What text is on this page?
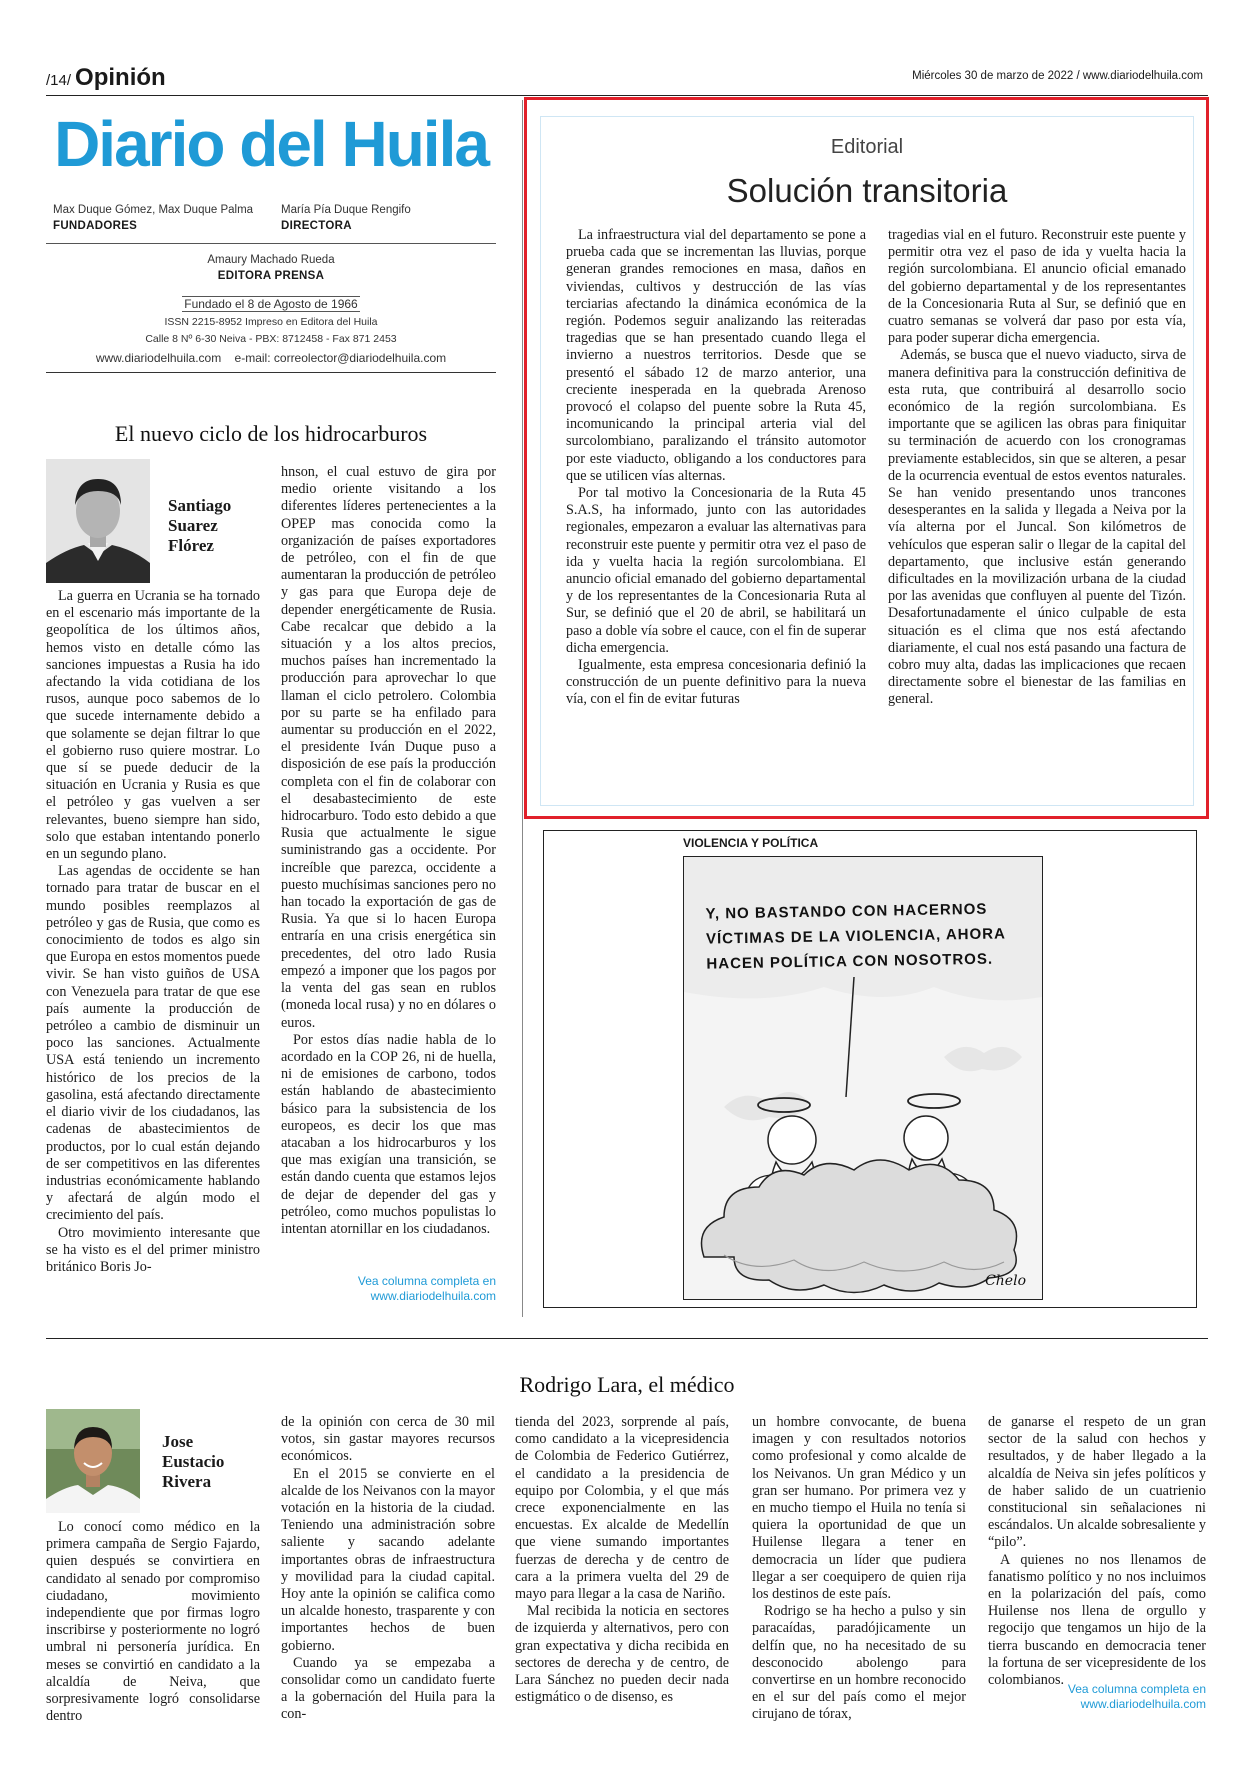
/14/ Opinión	Miércoles 30 de marzo de 2022 / www.diariodelhuila.com
Diario del Huila
Max Duque Gómez, Max Duque Palma
FUNDADORES
María Pía Duque Rengifo
DIRECTORA
Amaury Machado Rueda
EDITORA PRENSA
Fundado el 8 de Agosto de 1966
ISSN 2215-8952 Impreso en Editora del Huila
Calle 8 Nº 6-30 Neiva - PBX: 8712458 - Fax 871 2453
www.diariodelhuila.com    e-mail: correolector@diariodelhuila.com
El nuevo ciclo de los hidrocarburos
Santiago
Suarez
Flórez

La guerra en Ucrania se ha tornado en el escenario más importante de la geopolítica de los últimos años, hemos visto en detalle cómo las sanciones impuestas a Rusia ha ido afectando la vida cotidiana de los rusos, aunque poco sabemos de lo que sucede internamente debido a que solamente se dejan filtrar lo que el gobierno ruso quiere mostrar. Lo que sí se puede deducir de la situación en Ucrania y Rusia es que el petróleo y gas vuelven a ser relevantes, bueno siempre han sido, solo que estaban intentando ponerlo en un segundo plano.

Las agendas de occidente se han tornado para tratar de buscar en el mundo posibles reemplazos al petróleo y gas de Rusia, que como es conocimiento de todos es algo sin que Europa en estos momentos puede vivir. Se han visto guiños de USA con Venezuela para tratar de que ese país aumente la producción de petróleo a cambio de disminuir un poco las sanciones. Actualmente USA está teniendo un incremento histórico de los precios de la gasolina, está afectando directamente el diario vivir de los ciudadanos, las cadenas de abastecimientos de productos, por lo cual están dejando de ser competitivos en las diferentes industrias económicamente hablando y afectará de algún modo el crecimiento del país.

Otro movimiento interesante que se ha visto es el del primer ministro británico Boris Jo-

hnson, el cual estuvo de gira por medio oriente visitando a los diferentes líderes pertenecientes a la OPEP mas conocida como la organización de países exportadores de petróleo, con el fin de que aumentaran la producción de petróleo y gas para que Europa deje de depender energéticamente de Rusia. Cabe recalcar que debido a la situación y a los altos precios, muchos países han incrementado la producción para aprovechar lo que llaman el ciclo petrolero. Colombia por su parte se ha enfilado para aumentar su producción en el 2022, el presidente Iván Duque puso a disposición de ese país la producción completa con el fin de colaborar con el desabastecimiento de este hidrocarburo. Todo esto debido a que Rusia que actualmente le sigue suministrando gas a occidente. Por increíble que parezca, occidente a puesto muchísimas sanciones pero no han tocado la exportación de gas de Rusia. Ya que si lo hacen Europa entraría en una crisis energética sin precedentes, del otro lado Rusia empezó a imponer que los pagos por la venta del gas sean en rublos (moneda local rusa) y no en dólares o euros.

Por estos días nadie habla de lo acordado en la COP 26, ni de huella, ni de emisiones de carbono, todos están hablando de abastecimiento básico para la subsistencia de los europeos, es decir los que mas atacaban a los hidrocarburos y los que mas exigían una transición, se están dando cuenta que estamos lejos de dejar de depender del gas y petróleo, como muchos populistas lo intentan atornillar en los ciudadanos.

Vea columna completa en
www.diariodelhuila.com
Editorial
Solución transitoria

La infraestructura vial del departamento se pone a prueba cada que se incrementan las lluvias, porque generan grandes remociones en masa, daños en viviendas, cultivos y destrucción de las vías terciarias afectando la dinámica económica de la región. Podemos seguir analizando las reiteradas tragedias que se han presentado cuando llega el invierno a nuestros territorios. Desde que se presentó el sábado 12 de marzo anterior, una creciente inesperada en la quebrada Arenoso provocó el colapso del puente sobre la Ruta 45, incomunicando la principal arteria vial del surcolombiano, paralizando el tránsito automotor por este viaducto, obligando a los conductores para que se utilicen vías alternas.

Por tal motivo la Concesionaria de la Ruta 45 S.A.S, ha informado, junto con las autoridades regionales, empezaron a evaluar las alternativas para reconstruir este puente y permitir otra vez el paso de ida y vuelta hacia la región surcolombiana. El anuncio oficial emanado del gobierno departamental y de los representantes de la Concesionaria Ruta al Sur, se definió que el 20 de abril, se habilitará un paso a doble vía sobre el cauce, con el fin de superar dicha emergencia.

Igualmente, esta empresa concesionaria definió la construcción de un puente definitivo para la nueva vía, con el fin de evitar futuras

tragedias vial en el futuro. Reconstruir este puente y permitir otra vez el paso de ida y vuelta hacia la región surcolombiana. El anuncio oficial emanado del gobierno departamental y de los representantes de la Concesionaria Ruta al Sur, se definió que en cuatro semanas se volverá dar paso por esta vía, para poder superar dicha emergencia.

Además, se busca que el nuevo viaducto, sirva de manera definitiva para la construcción definitiva de esta ruta, que contribuirá al desarrollo socio económico de la región surcolombiana. Es importante que se agilicen las obras para finiquitar su terminación de acuerdo con los cronogramas previamente establecidos, sin que se alteren, a pesar de la ocurrencia eventual de estos eventos naturales. Se han venido presentando unos trancones desesperantes en la salida y llegada a Neiva por la vía alterna por el Juncal. Son kilómetros de vehículos que esperan salir o llegar de la capital del departamento, que inclusive están generando dificultades en la movilización urbana de la ciudad por las avenidas que confluyen al puente del Tizón. Desafortunadamente el único culpable de esta situación es el clima que nos está afectando diariamente, el cual nos está pasando una factura de cobro muy alta, dadas las implicaciones que recaen directamente sobre el bienestar de las familias en general.

VIOLENCIA Y POLÍTICA
Y, NO BASTANDO CON HACERNOS
VÍCTIMAS DE LA VIOLENCIA, AHORA
HACEN POLÍTICA CON NOSOTROS.
Chelo
Rodrigo Lara, el médico
Jose
Eustacio
Rivera

Lo conocí como médico en la primera campaña de Sergio Fajardo, quien después se convirtiera en candidato al senado por compromiso ciudadano, movimiento independiente que por firmas logro inscribirse y posteriormente no logró umbral ni personería jurídica. En meses se convirtió en candidato a la alcaldía de Neiva, que sorpresivamente logró consolidarse dentro

de la opinión con cerca de 30 mil votos, sin gastar mayores recursos económicos.

En el 2015 se convierte en el alcalde de los Neivanos con la mayor votación en la historia de la ciudad. Teniendo una administración sobre saliente y sacando adelante importantes obras de infraestructura y movilidad para la ciudad capital. Hoy ante la opinión se califica como un alcalde honesto, trasparente y con importantes hechos de buen gobierno.

Cuando ya se empezaba a consolidar como un candidato fuerte a la gobernación del Huila para la con-

tienda del 2023, sorprende al país, como candidato a la vicepresidencia de Colombia de Federico Gutiérrez, el candidato a la presidencia de equipo por Colombia, y el que más crece exponencialmente en las encuestas. Ex alcalde de Medellín que viene sumando importantes fuerzas de derecha y de centro de cara a la primera vuelta del 29 de mayo para llegar a la casa de Nariño.

Mal recibida la noticia en sectores de izquierda y alternativos, pero con gran expectativa y dicha recibida en sectores de derecha y de centro, de Lara Sánchez no pueden decir nada estigmático o de disenso, es

un hombre convocante, de buena imagen y con resultados notorios como profesional y como alcalde de los Neivanos. Un gran Médico y un gran ser humano. Por primera vez y en mucho tiempo el Huila no tenía si quiera la oportunidad de que un Huilense llegara a tener en democracia un líder que pudiera llegar a ser coequipero de quien rija los destinos de este país.

Rodrigo se ha hecho a pulso y sin paracaídas, paradójicamente un delfín que, no ha necesitado de su desconocido abolengo para convertirse en un hombre reconocido en el sur del país como el mejor cirujano de tórax,

de ganarse el respeto de un gran sector de la salud con hechos y resultados, y de haber llegado a la alcaldía de Neiva sin jefes políticos y de haber salido de un cuatrienio constitucional sin señalaciones ni escándalos. Un alcalde sobresaliente y “pilo”.

A quienes no nos llenamos de fanatismo político y no nos incluimos en la polarización del país, como Huilense nos llena de orgullo y regocijo que tengamos un hijo de la tierra buscando en democracia tener la fortuna de ser vicepresidente de los colombianos.

Vea columna completa en
www.diariodelhuila.com
